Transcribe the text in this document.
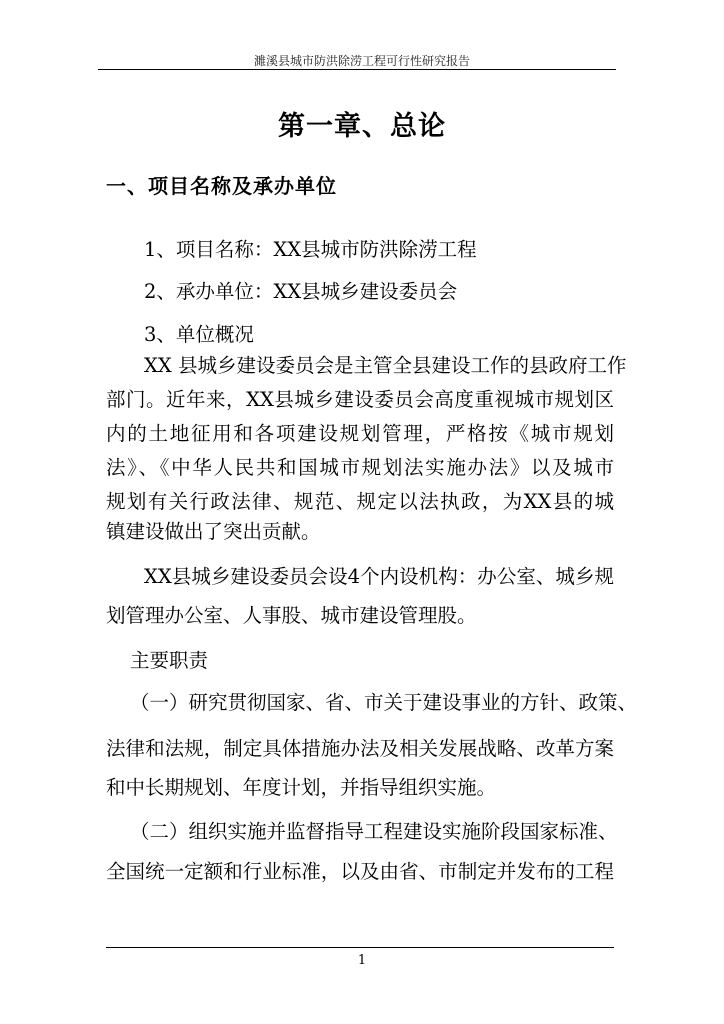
濉溪县城市防洪除涝工程可行性研究报告
第一章、总论
一、项目名称及承办单位
1、项目名称：XX县城市防洪除涝工程
2、承办单位：XX县城乡建设委员会
3、单位概况
XX 县城乡建设委员会是主管全县建设工作的县政府工作
部门。近年来，XX县城乡建设委员会高度重视城市规划区
内的土地征用和各项建设规划管理，严格按《城市规划
法》、《中华人民共和国城市规划法实施办法》以及城市
规划有关行政法律、规范、规定以法执政，为XX县的城
镇建设做出了突出贡献。
XX县城乡建设委员会设4个内设机构：办公室、城乡规
划管理办公室、人事股、城市建设管理股。
主要职责
（一）研究贯彻国家、省、市关于建设事业的方针、政策、
法律和法规，制定具体措施办法及相关发展战略、改革方案
和中长期规划、年度计划，并指导组织实施。
（二）组织实施并监督指导工程建设实施阶段国家标准、
全国统一定额和行业标准，以及由省、市制定并发布的工程
1
